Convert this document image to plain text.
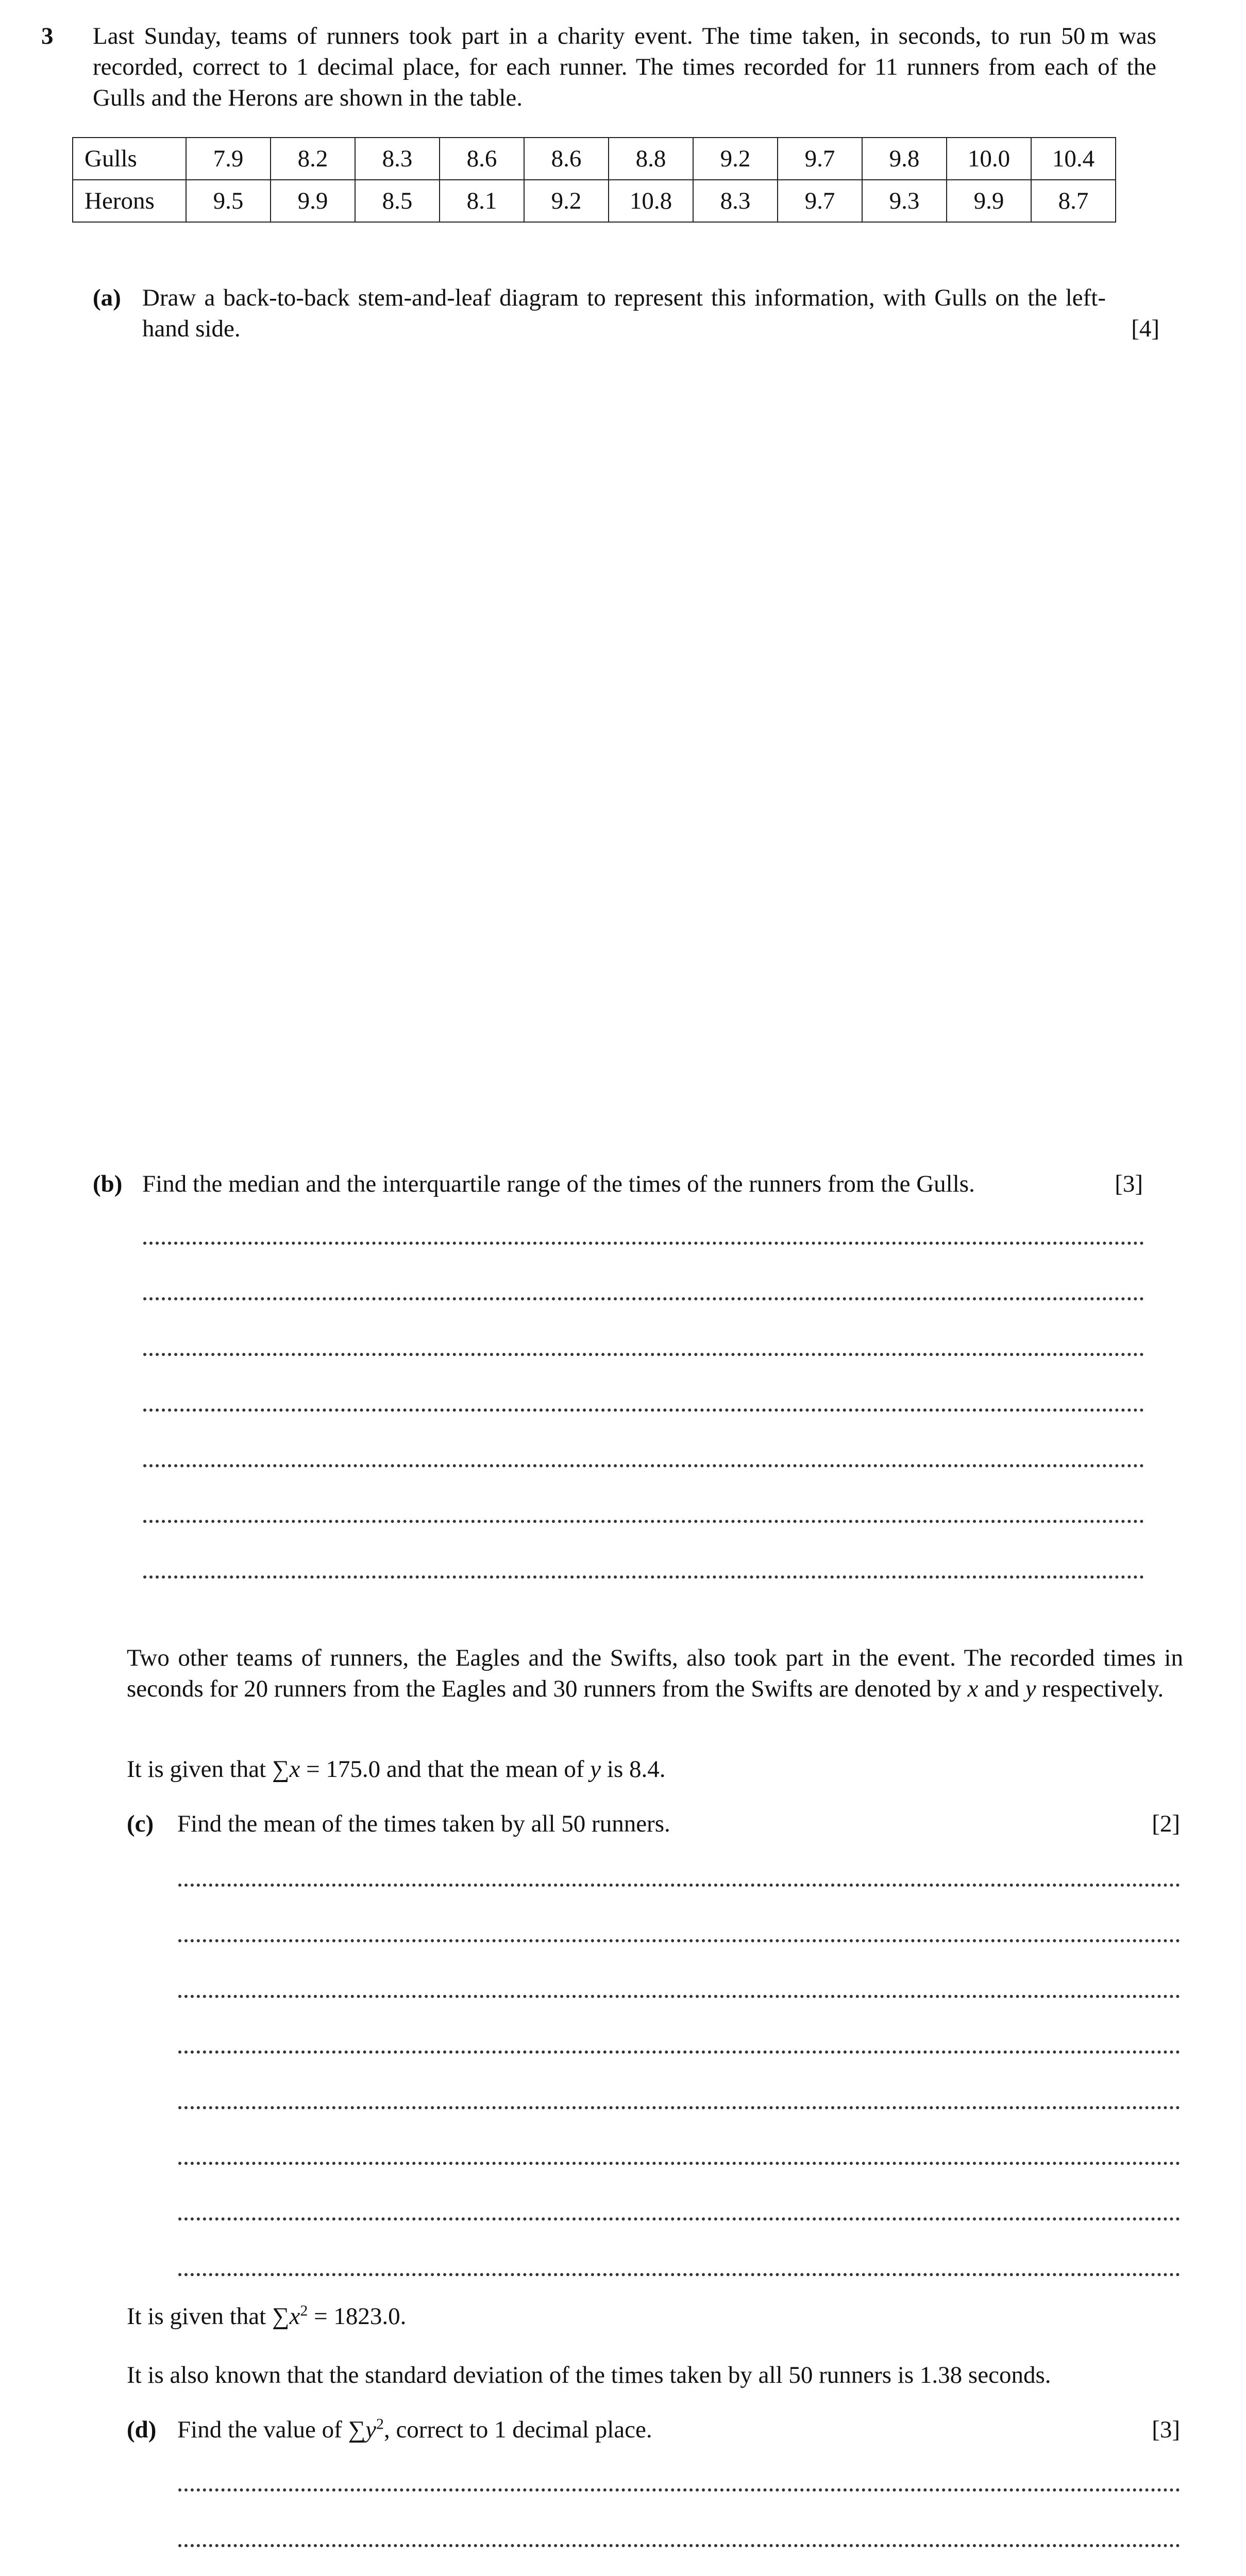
3 Last Sunday, teams of runners took part in a charity event. The time taken, in seconds, to run 50 m was recorded, correct to 1 decimal place, for each runner. The times recorded for 11 runners from each of the Gulls and the Herons are shown in the table.
Gulls	7.9	8.2	8.3	8.6	8.6	8.8	9.2	9.7	9.8	10.0	10.4
Herons	9.5	9.9	8.5	8.1	9.2	10.8	8.3	9.7	9.3	9.9	8.7
(a) Draw a back-to-back stem-and-leaf diagram to represent this information, with Gulls on the left-hand side.	[4]
(b) Find the median and the interquartile range of the times of the runners from the Gulls.	[3]
Two other teams of runners, the Eagles and the Swifts, also took part in the event. The recorded times in seconds for 20 runners from the Eagles and 30 runners from the Swifts are denoted by x and y respectively.
It is given that ∑x = 175.0 and that the mean of y is 8.4.
(c) Find the mean of the times taken by all 50 runners.	[2]
It is given that $\sum x^2 = 1823.0$.
It is also known that the standard deviation of the times taken by all 50 runners is 1.38 seconds.
(d) Find the value of $\sum y^2$, correct to 1 decimal place.	[3]
